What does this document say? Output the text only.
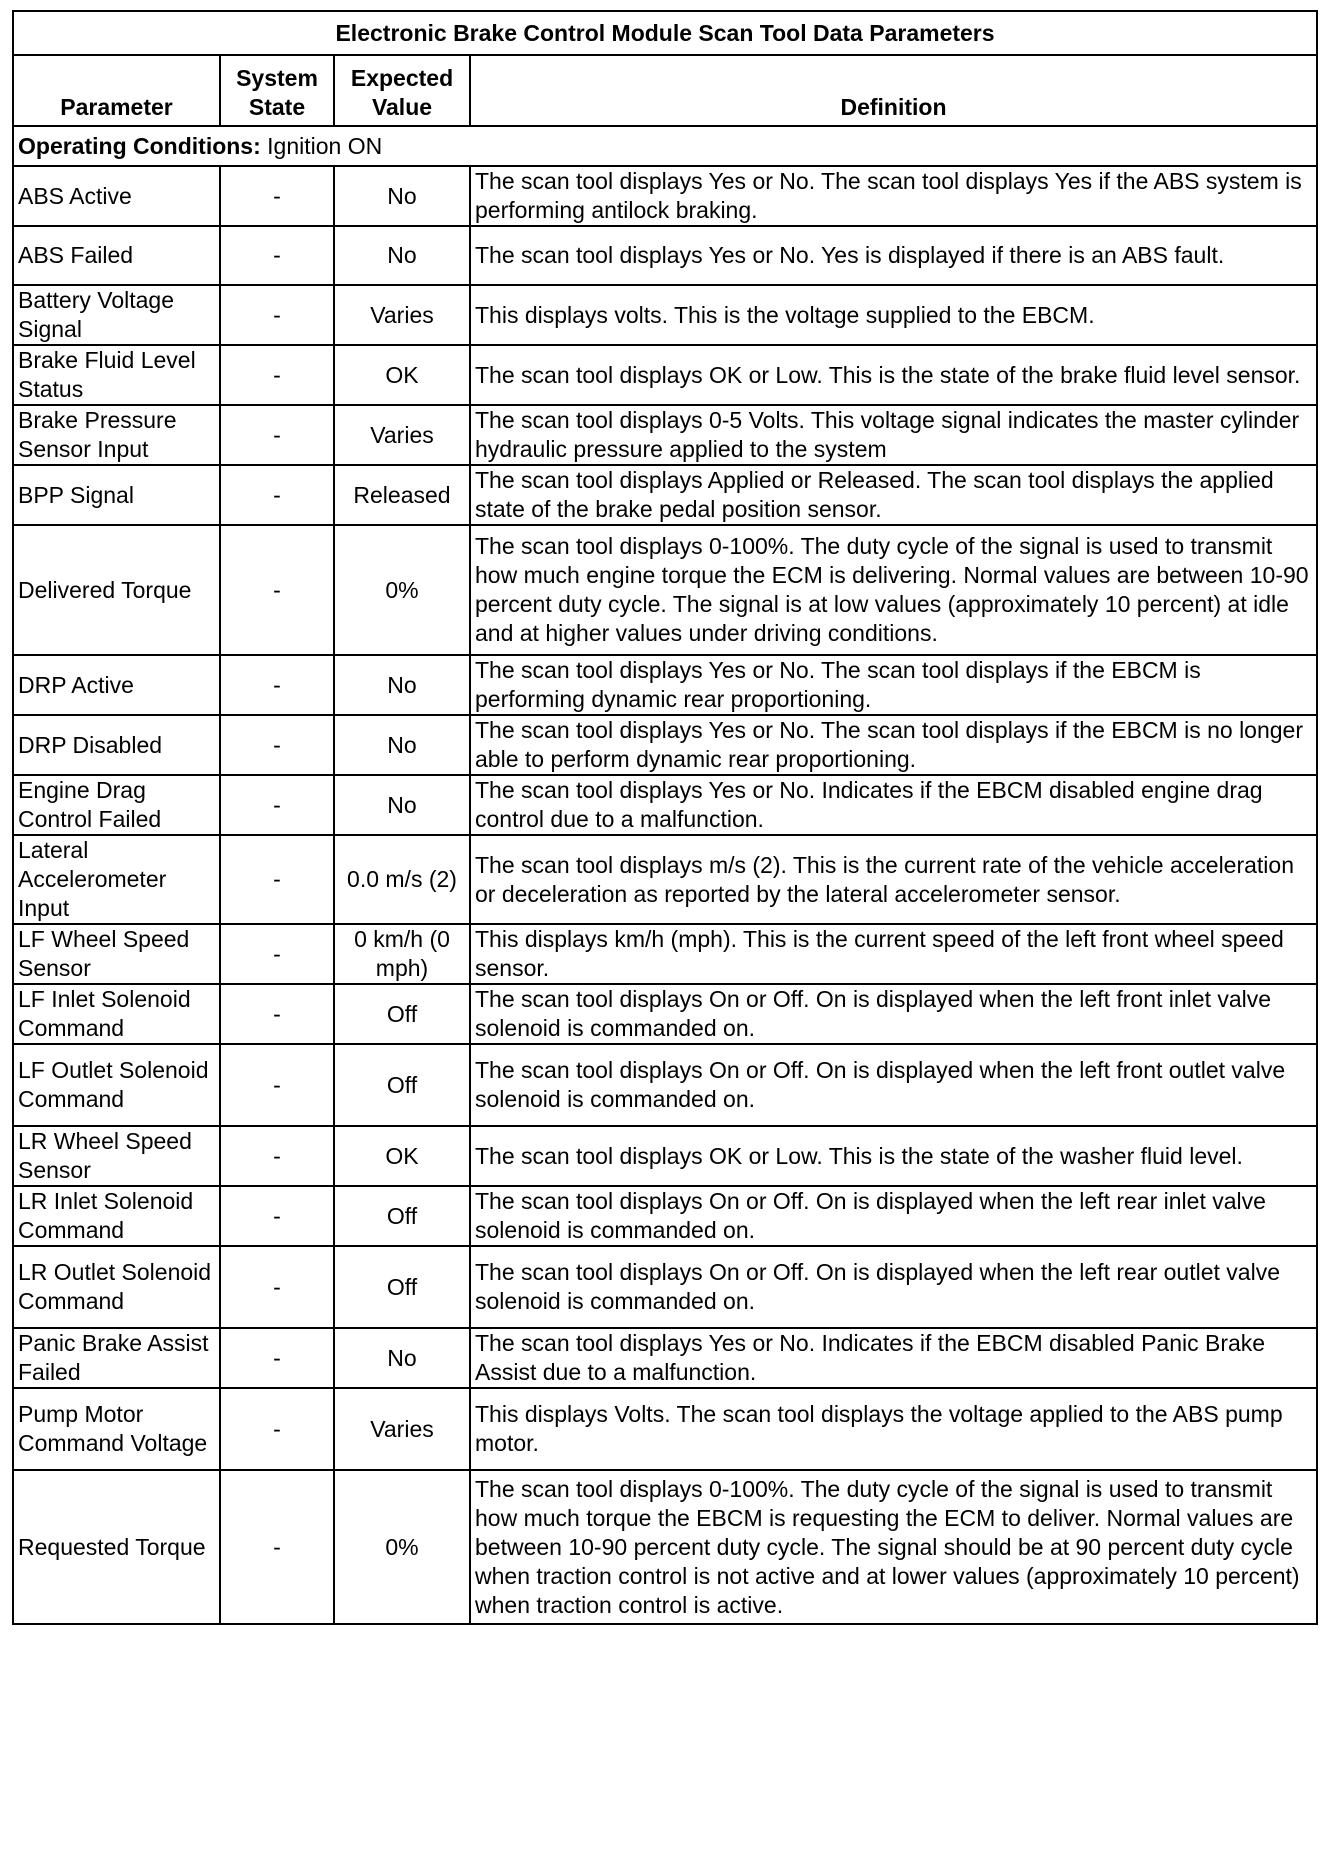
Electronic Brake Control Module Scan Tool Data Parameters			
Parameter	System State	Expected Value	Definition
Operating Conditions: Ignition ON			
ABS Active	-	No	The scan tool displays Yes or No. The scan tool displays Yes if the ABS system is performing antilock braking.
ABS Failed	-	No	The scan tool displays Yes or No. Yes is displayed if there is an ABS fault.
Battery Voltage Signal	-	Varies	This displays volts. This is the voltage supplied to the EBCM.
Brake Fluid Level Status	-	OK	The scan tool displays OK or Low. This is the state of the brake fluid level sensor.
Brake Pressure Sensor Input	-	Varies	The scan tool displays 0-5 Volts. This voltage signal indicates the master cylinder hydraulic pressure applied to the system
BPP Signal	-	Released	The scan tool displays Applied or Released. The scan tool displays the applied state of the brake pedal position sensor.
Delivered Torque	-	0%	The scan tool displays 0-100%. The duty cycle of the signal is used to transmit how much engine torque the ECM is delivering. Normal values are between 10-90 percent duty cycle. The signal is at low values (approximately 10 percent) at idle and at higher values under driving conditions.
DRP Active	-	No	The scan tool displays Yes or No. The scan tool displays if the EBCM is performing dynamic rear proportioning.
DRP Disabled	-	No	The scan tool displays Yes or No. The scan tool displays if the EBCM is no longer able to perform dynamic rear proportioning.
Engine Drag Control Failed	-	No	The scan tool displays Yes or No. Indicates if the EBCM disabled engine drag control due to a malfunction.
Lateral Accelerometer Input	-	0.0 m/s (2)	The scan tool displays m/s (2). This is the current rate of the vehicle acceleration or deceleration as reported by the lateral accelerometer sensor.
LF Wheel Speed Sensor	-	0 km/h (0 mph)	This displays km/h (mph). This is the current speed of the left front wheel speed sensor.
LF Inlet Solenoid Command	-	Off	The scan tool displays On or Off. On is displayed when the left front inlet valve solenoid is commanded on.
LF Outlet Solenoid Command	-	Off	The scan tool displays On or Off. On is displayed when the left front outlet valve solenoid is commanded on.
LR Wheel Speed Sensor	-	OK	The scan tool displays OK or Low. This is the state of the washer fluid level.
LR Inlet Solenoid Command	-	Off	The scan tool displays On or Off. On is displayed when the left rear inlet valve solenoid is commanded on.
LR Outlet Solenoid Command	-	Off	The scan tool displays On or Off. On is displayed when the left rear outlet valve solenoid is commanded on.
Panic Brake Assist Failed	-	No	The scan tool displays Yes or No. Indicates if the EBCM disabled Panic Brake Assist due to a malfunction.
Pump Motor Command Voltage	-	Varies	This displays Volts. The scan tool displays the voltage applied to the ABS pump motor.
Requested Torque	-	0%	The scan tool displays 0-100%. The duty cycle of the signal is used to transmit how much torque the EBCM is requesting the ECM to deliver. Normal values are between 10-90 percent duty cycle. The signal should be at 90 percent duty cycle when traction control is not active and at lower values (approximately 10 percent) when traction control is active.
